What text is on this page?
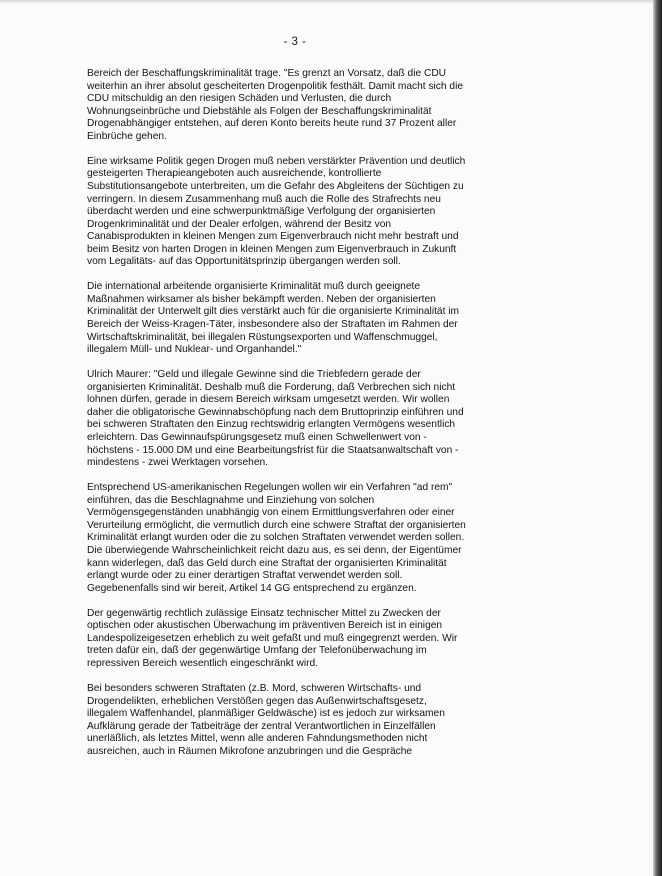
- 3 -

Bereich der Beschaffungskriminalität trage. "Es grenzt an Vorsatz, daß die CDU
weiterhin an ihrer absolut gescheiterten Drogenpolitik festhält. Damit macht sich die
CDU mitschuldig an den riesigen Schäden und Verlusten, die durch
Wohnungseinbrüche und Diebstähle als Folgen der Beschaffungskriminalität
Drogenabhängiger entstehen, auf deren Konto bereits heute rund 37 Prozent aller
Einbrüche gehen.

Eine wirksame Politik gegen Drogen muß neben verstärkter Prävention und deutlich
gesteigerten Therapieangeboten auch ausreichende, kontrollierte
Substitutionsangebote unterbreiten, um die Gefahr des Abgleitens der Süchtigen zu
verringern. In diesem Zusammenhang muß auch die Rolle des Strafrechts neu
überdacht werden und eine schwerpunktmäßige Verfolgung der organisierten
Drogenkriminalität und der Dealer erfolgen, während der Besitz von
Canabisprodukten in kleinen Mengen zum Eigenverbrauch nicht mehr bestraft und
beim Besitz von harten Drogen in kleinen Mengen zum Eigenverbrauch in Zukunft
vom Legalitäts- auf das Opportunitätsprinzip übergangen werden soll.

Die international arbeitende organisierte Kriminalität muß durch geeignete
Maßnahmen wirksamer als bisher bekämpft werden. Neben der organisierten
Kriminalität der Unterwelt gilt dies verstärkt auch für die organisierte Kriminalität im
Bereich der Weiss-Kragen-Täter, insbesondere also der Straftaten im Rahmen der
Wirtschaftskriminalität, bei illegalen Rüstungsexporten und Waffenschmuggel,
illegalem Müll- und Nuklear- und Organhandel."

Ulrich Maurer: "Geld und illegale Gewinne sind die Triebfedern gerade der
organisierten Kriminalität. Deshalb muß die Forderung, daß Verbrechen sich nicht
lohnen dürfen, gerade in diesem Bereich wirksam umgesetzt werden. Wir wollen
daher die obligatorische Gewinnabschöpfung nach dem Bruttoprinzip einführen und
bei schweren Straftaten den Einzug rechtswidrig erlangten Vermögens wesentlich
erleichtern. Das Gewinnaufspürungsgesetz muß einen Schwellenwert von -
höchstens - 15.000 DM und eine Bearbeitungsfrist für die Staatsanwaltschaft von -
mindestens - zwei Werktagen vorsehen.

Entsprechend US-amerikanischen Regelungen wollen wir ein Verfahren "ad rem"
einführen, das die Beschlagnahme und Einziehung von solchen
Vermögensgegenständen unabhängig von einem Ermittlungsverfahren oder einer
Verurteilung ermöglicht, die vermutlich durch eine schwere Straftat der organisierten
Kriminalität erlangt wurden oder die zu solchen Straftaten verwendet werden sollen.
Die überwiegende Wahrscheinlichkeit reicht dazu aus, es sei denn, der Eigentümer
kann widerlegen, daß das Geld durch eine Straftat der organisierten Kriminalität
erlangt wurde oder zu einer derartigen Straftat verwendet werden soll.
Gegebenenfalls sind wir bereit, Artikel 14 GG entsprechend zu ergänzen.

Der gegenwärtig rechtlich zulässige Einsatz technischer Mittel zu Zwecken der
optischen oder akustischen Überwachung im präventiven Bereich ist in einigen
Landespolizeigesetzen erheblich zu weit gefaßt und muß eingegrenzt werden. Wir
treten dafür ein, daß der gegenwärtige Umfang der Telefonüberwachung im
repressiven Bereich wesentlich eingeschränkt wird.

Bei besonders schweren Straftaten (z.B. Mord, schweren Wirtschafts- und
Drogendelikten, erheblichen Verstößen gegen das Außenwirtschaftsgesetz,
illegalem Waffenhandel, planmäßiger Geldwäsche) ist es jedoch zur wirksamen
Aufklärung gerade der Tatbeiträge der zentral Verantwortlichen in Einzelfällen
unerläßlich, als letztes Mittel, wenn alle anderen Fahndungsmethoden nicht
ausreichen, auch in Räumen Mikrofone anzubringen und die Gespräche
